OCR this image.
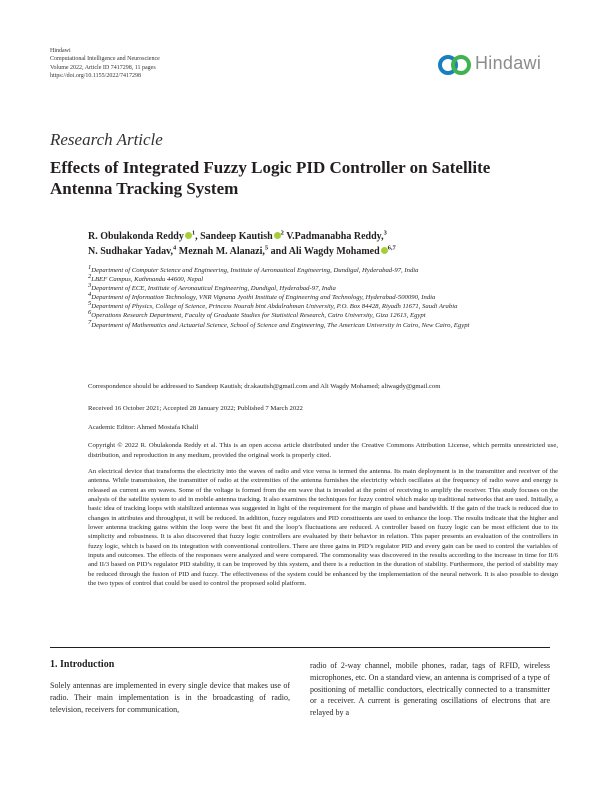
Hindawi
Computational Intelligence and Neuroscience
Volume 2022, Article ID 7417298, 11 pages
https://doi.org/10.1155/2022/7417298
Hindawi
Research Article
Effects of Integrated Fuzzy Logic PID Controller on Satellite Antenna Tracking System
R. Obulakonda Reddy $^1$, Sandeep Kautish $^2$ V.Padmanabha Reddy,$^3$
N. Sudhakar Yadav,$^4$ Meznah M. Alanazi,$^5$ and Ali Wagdy Mohamed $^{6,7}$
$^1$Department of Computer Science and Engineering, Institute of Aeronautical Engineering, Dundigal, Hyderabad-97, India
$^2$LBEF Campus, Kathmandu 44600, Nepal
$^3$Department of ECE, Institute of Aeronautical Engineering, Dundigal, Hyderabad-97, India
$^4$Department of Information Technology, VNR Vignana Jyothi Institute of Engineering and Technology, Hyderabad-500090, India
$^5$Department of Physics, College of Science, Princess Nourah bint Abdulrahman University, P.O. Box 84428, Riyadh 11671, Saudi Arabia
$^6$Operations Research Department, Faculty of Graduate Studies for Statistical Research, Cairo University, Giza 12613, Egypt
$^7$Department of Mathematics and Actuarial Science, School of Science and Engineering, The American University in Cairo, New Cairo, Egypt
Correspondence should be addressed to Sandeep Kautish; dr.skautish@gmail.com and Ali Wagdy Mohamed; aliwagdy@gmail.com
Received 16 October 2021; Accepted 28 January 2022; Published 7 March 2022
Academic Editor: Ahmed Mostafa Khalil
Copyright © 2022 R. Obulakonda Reddy et al. This is an open access article distributed under the Creative Commons Attribution License, which permits unrestricted use, distribution, and reproduction in any medium, provided the original work is properly cited.
An electrical device that transforms the electricity into the waves of radio and vice versa is termed the antenna. Its main deployment is in the transmitter and receiver of the antenna. While transmission, the transmitter of radio at the extremities of the antenna furnishes the electricity which oscillates at the frequency of radio wave and energy is released as current as em waves. Some of the voltage is formed from the em wave that is invaded at the point of receiving to amplify the receiver. This study focuses on the analysis of the satellite system to aid in mobile antenna tracking. It also examines the techniques for fuzzy control which make up traditional networks that are used. Initially, a basic idea of tracking loops with stabilized antennas was suggested in light of the requirement for the margin of phase and bandwidth. If the gain of the track is reduced due to changes in attributes and throughput, it will be reduced. In addition, fuzzy regulators and PID constituents are used to enhance the loop. The results indicate that the higher and lower antenna tracking gains within the loop were the best fit and the loop’s fluctuations are reduced. A controller based on fuzzy logic can be most efficient due to its simplicity and robustness. It is also discovered that fuzzy logic controllers are evaluated by their behavior in relation. This paper presents an evaluation of the controllers in fuzzy logic, which is based on its integration with conventional controllers. There are three gains in PID’s regulator PID and every gain can be used to control the variables of inputs and outcomes. The effects of the responses were analyzed and were compared. The commonality was discovered in the results according to the increase in time for II/6 and II/3 based on PID’s regulator PID stability, it can be improved by this system, and there is a reduction in the duration of stability. Furthermore, the period of stability may be reduced through the fusion of PID and fuzzy. The effectiveness of the system could be enhanced by the implementation of the neural network. It is also possible to design the two types of control that could be used to control the proposed solid platform.
1. Introduction
Solely antennas are implemented in every single device that makes use of radio. Their main implementation is in the broadcasting of radio, television, receivers for communication,
radio of 2-way channel, mobile phones, radar, tags of RFID, wireless microphones, etc. On a standard view, an antenna is comprised of a type of positioning of metallic conductors, electrically connected to a transmitter or a receiver. A current is generating oscillations of electrons that are relayed by a
